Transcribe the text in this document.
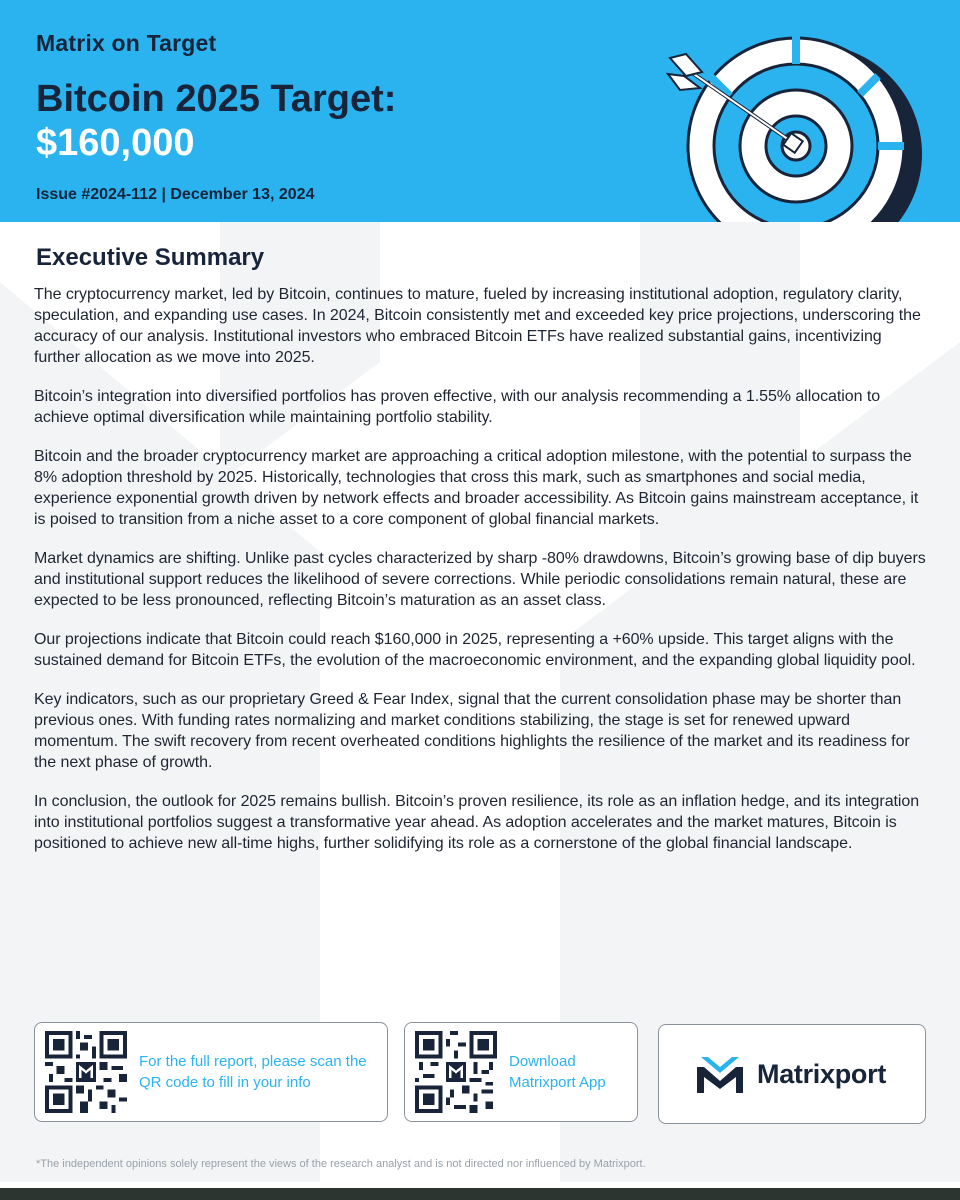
Matrix on Target
Bitcoin 2025 Target:
$160,000
Issue #2024-112 | December 13, 2024
Executive Summary

The cryptocurrency market, led by Bitcoin, continues to mature, fueled by increasing institutional adoption, regulatory clarity, speculation, and expanding use cases. In 2024, Bitcoin consistently met and exceeded key price projections, underscoring the accuracy of our analysis. Institutional investors who embraced Bitcoin ETFs have realized substantial gains, incentivizing further allocation as we move into 2025.

Bitcoin’s integration into diversified portfolios has proven effective, with our analysis recommending a 1.55% allocation to achieve optimal diversification while maintaining portfolio stability.

Bitcoin and the broader cryptocurrency market are approaching a critical adoption milestone, with the potential to surpass the 8% adoption threshold by 2025. Historically, technologies that cross this mark, such as smartphones and social media, experience exponential growth driven by network effects and broader accessibility. As Bitcoin gains mainstream acceptance, it is poised to transition from a niche asset to a core component of global financial markets.

Market dynamics are shifting. Unlike past cycles characterized by sharp -80% drawdowns, Bitcoin’s growing base of dip buyers and institutional support reduces the likelihood of severe corrections. While periodic consolidations remain natural, these are expected to be less pronounced, reflecting Bitcoin’s maturation as an asset class.

Our projections indicate that Bitcoin could reach $160,000 in 2025, representing a +60% upside. This target aligns with the sustained demand for Bitcoin ETFs, the evolution of the macroeconomic environment, and the expanding global liquidity pool.

Key indicators, such as our proprietary Greed & Fear Index, signal that the current consolidation phase may be shorter than previous ones. With funding rates normalizing and market conditions stabilizing, the stage is set for renewed upward momentum. The swift recovery from recent overheated conditions highlights the resilience of the market and its readiness for the next phase of growth.

In conclusion, the outlook for 2025 remains bullish. Bitcoin’s proven resilience, its role as an inflation hedge, and its integration into institutional portfolios suggest a transformative year ahead. As adoption accelerates and the market matures, Bitcoin is positioned to achieve new all-time highs, further solidifying its role as a cornerstone of the global financial landscape.

For the full report, please scan the QR code to fill in your info
Download Matrixport App	Matrixport
*The independent opinions solely represent the views of the research analyst and is not directed nor influenced by Matrixport.
